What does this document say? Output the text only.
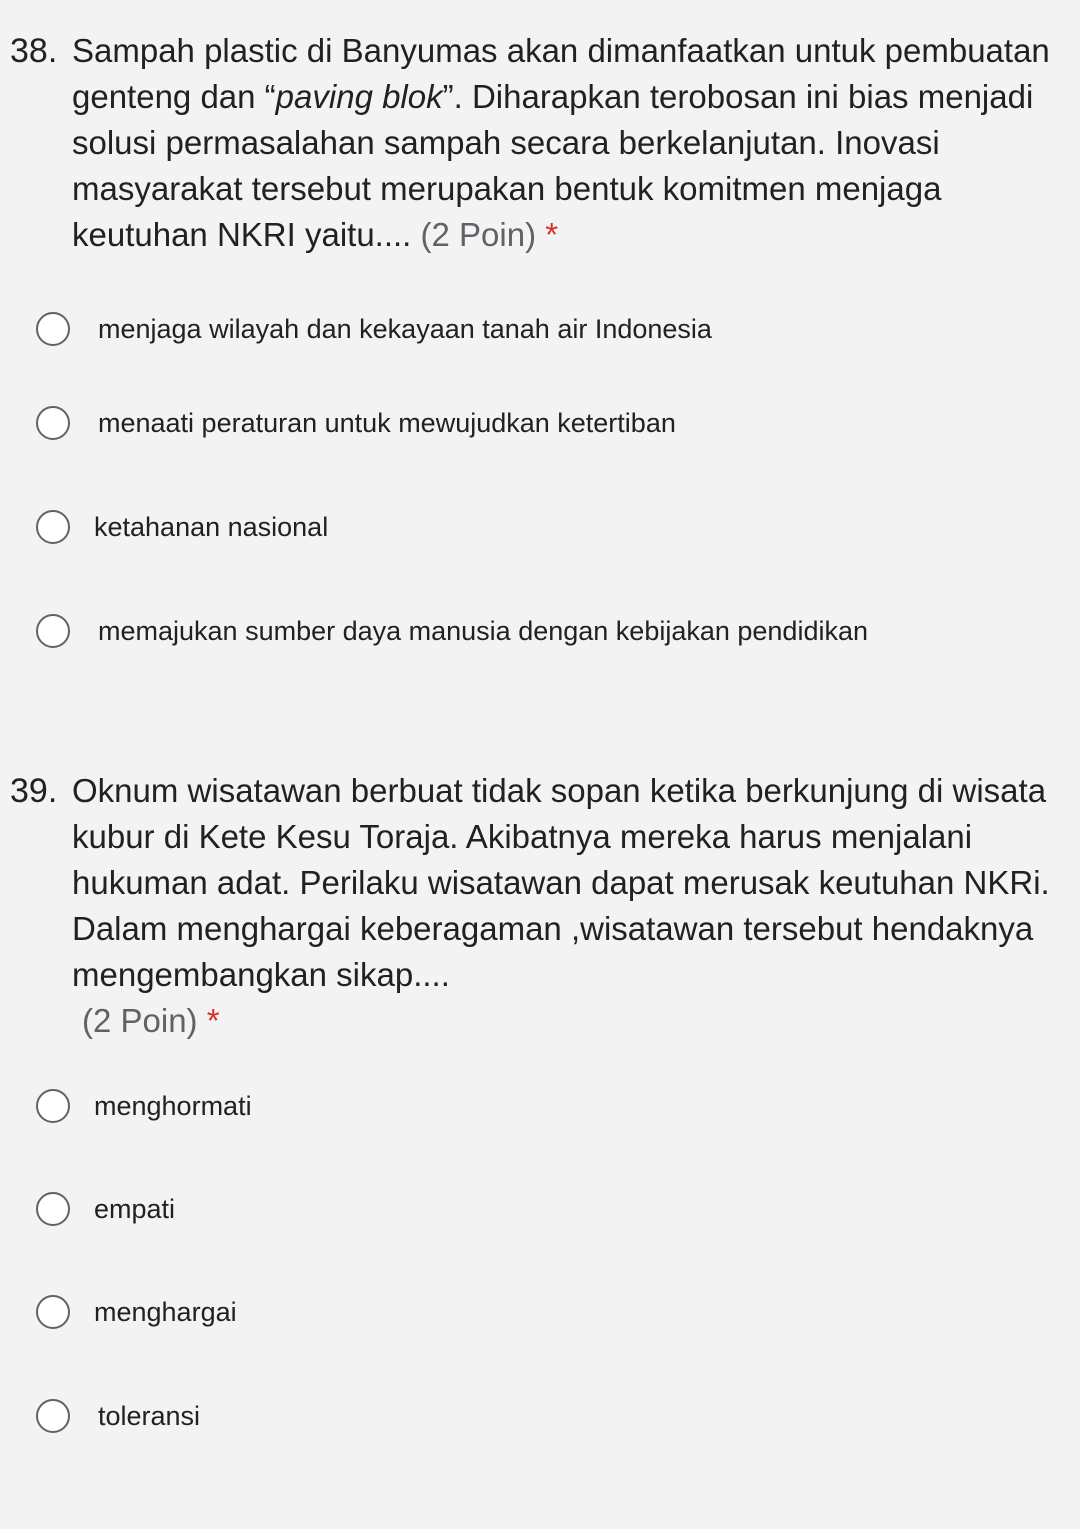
38. Sampah plastic di Banyumas akan dimanfaatkan untuk pembuatan genteng dan “paving blok”. Diharapkan terobosan ini bias menjadi solusi permasalahan sampah secara berkelanjutan. Inovasi masyarakat tersebut merupakan bentuk komitmen menjaga keutuhan NKRI yaitu.... (2 Poin) *
menjaga wilayah dan kekayaan tanah air Indonesia
menaati peraturan untuk mewujudkan ketertiban
ketahanan nasional
memajukan sumber daya manusia dengan kebijakan pendidikan
39. Oknum wisatawan berbuat tidak sopan ketika berkunjung di wisata kubur di Kete Kesu Toraja. Akibatnya mereka harus menjalani hukuman adat. Perilaku wisatawan dapat merusak keutuhan NKRi. Dalam menghargai keberagaman ,wisatawan tersebut hendaknya mengembangkan sikap....
(2 Poin) *
menghormati
empati
menghargai
toleransi
